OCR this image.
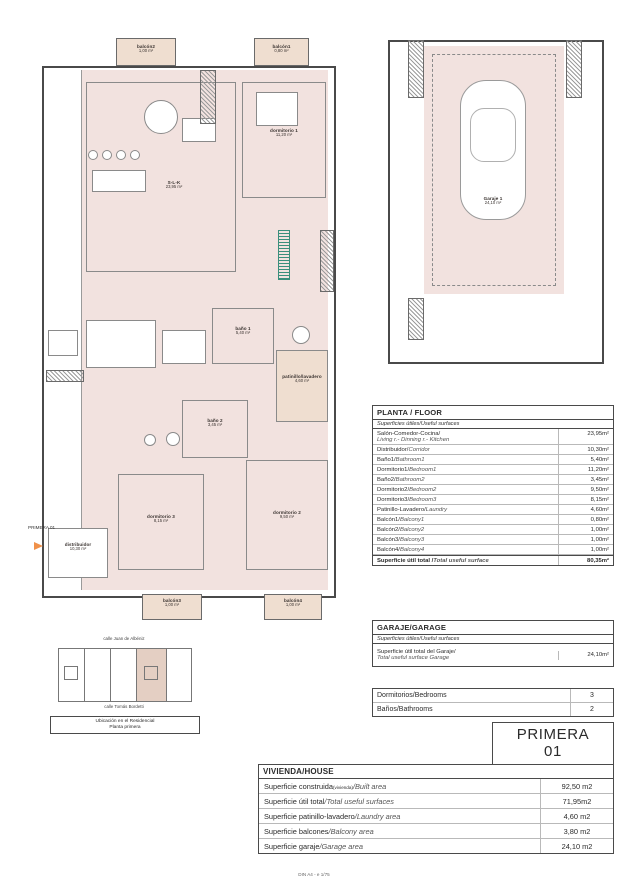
balcón2
1,00 m²
balcón1
0,80 m²
dormitorio 1
11,20 m²
S-L-K
23,95 m²
baño 1
5,40 m²
patinillo/lavadero
4,60 m²
baño 2
3,45 m²
dormitorio 3
8,15 m²
dormitorio 2
9,50 m²
distribuidor
10,30 m²
PRIMERA 01
balcón3
1,00 m²
balcón4
1,00 m²
Garaje 1
24,10 m²
PLANTA / FLOOR
Superficies útiles/Useful surfaces
Salón-Comedor-Cocina/
Living r.- Dinning r.- Kitchen
23,95m²
Distribuidor/Corridor	10,30m²
Baño1/Bathroom1	5,40m²
Dormitorio1/Bedroom1	11,20m²
Baño2/Bathroom2	3,45m²
Dormitorio2/Bedroom2	9,50m²
Dormitorio3/Bedroom3	8,15m²
Patinillo-Lavadero/Laundry	4,60m²
Balcón1/Balcony1	0,80m²
Balcón2/Balcony2	1,00m²
Balcón3/Balcony3	1,00m²
Balcón4/Balcony4	1,00m²
Superficie útil total /Total useful surface	80,35m²
GARAJE/GARAGE
Superficies útiles/Useful surfaces
Superficie útil total del Garaje/
Total useful surface Garage	24,10m²
Dormitorios/Bedrooms	3
Baños/Bathrooms	2
PRIMERA
01
VIVIENDA/HOUSE
Superficie construida(vivienda)/Built area	92,50 m2
Superficie útil total/Total useful surfaces	71,95m2
Superficie patinillo-lavadero/Laundry area	4,60 m2
Superficie balcones/Balcony area	3,80 m2
Superficie garaje/Garage area	24,10 m2
calle Juan de Albéniz
calle Tomás Bordetti
Ubicación en el Residencial
Planta primera
DIN A4 - e 1/75
